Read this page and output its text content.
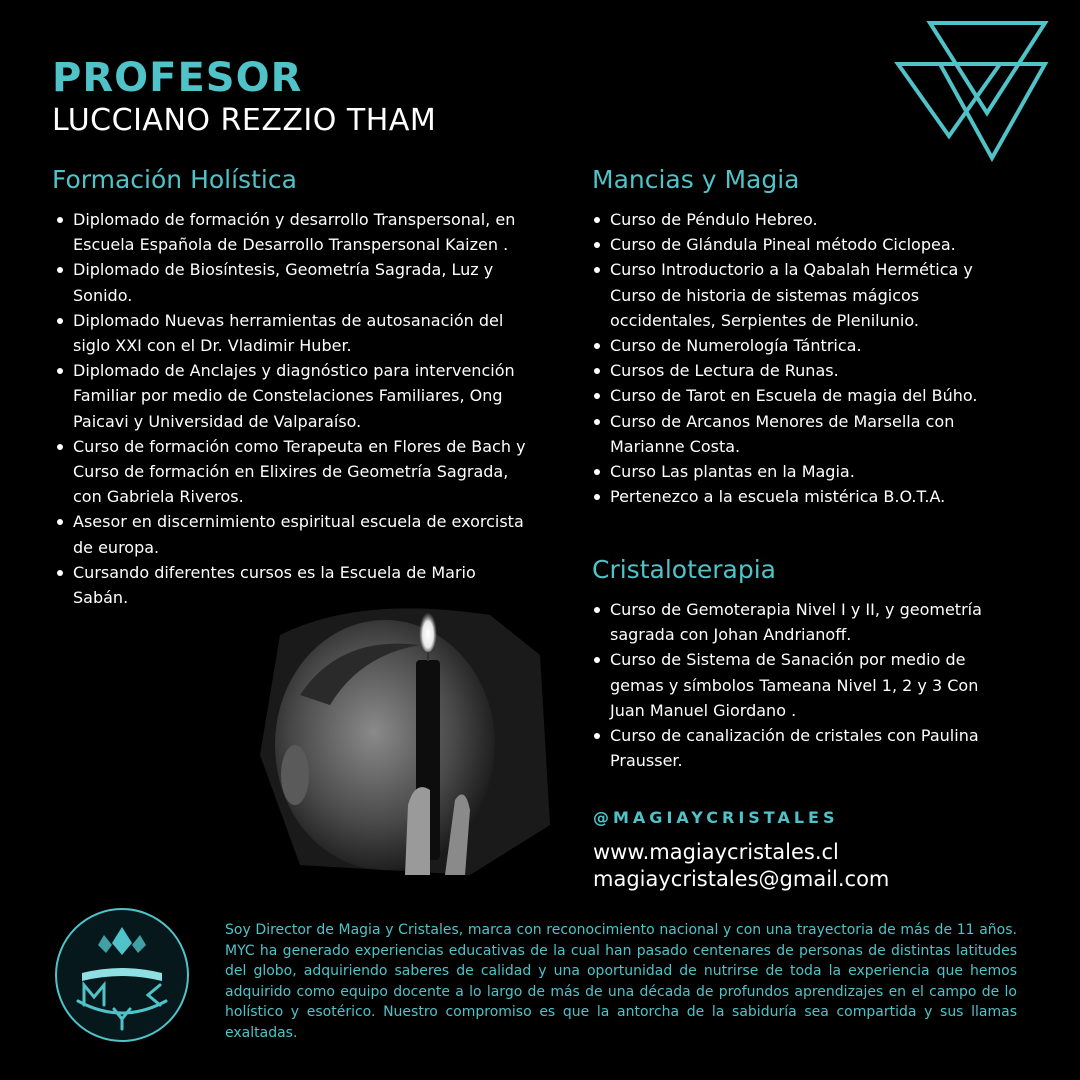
PROFESOR
LUCCIANO REZZIO THAM
Formación Holística
Diplomado de formación y desarrollo Transpersonal, en Escuela Española de Desarrollo Transpersonal Kaizen .
Diplomado de Biosíntesis, Geometría Sagrada, Luz y Sonido.
Diplomado Nuevas herramientas de autosanación del siglo XXI con el Dr. Vladimir Huber.
Diplomado de Anclajes y diagnóstico para intervención Familiar por medio de Constelaciones Familiares, Ong Paicavi y Universidad de Valparaíso.
Curso de formación como Terapeuta en Flores de Bach y Curso de formación en Elixires de Geometría Sagrada, con Gabriela Riveros.
Asesor en discernimiento espiritual escuela de exorcista de europa.
Cursando diferentes cursos es la Escuela de Mario Sabán.
Mancias y Magia
Curso de Péndulo Hebreo.
Curso de Glándula Pineal método Ciclopea.
Curso Introductorio a la Qabalah Hermética y Curso de historia de sistemas mágicos occidentales, Serpientes de Plenilunio.
Curso de Numerología Tántrica.
Cursos de Lectura de Runas.
Curso de Tarot en Escuela de magia del Búho.
Curso de Arcanos Menores de Marsella con Marianne Costa.
Curso Las plantas en la Magia.
Pertenezco a la escuela mistérica B.O.T.A.
Cristaloterapia
Curso de Gemoterapia Nivel I y II, y geometría sagrada con Johan Andrianoff.
Curso de Sistema de Sanación por medio de gemas y símbolos Tameana Nivel 1, 2 y 3 Con Juan Manuel Giordano .
Curso de canalización de cristales con Paulina Prausser.
@MAGIAYCRISTALES
www.magiaycristales.cl
magiaycristales@gmail.com

Soy Director de Magia y Cristales, marca con reconocimiento nacional y con una trayectoria de más de 11 años. MYC ha generado experiencias educativas de la cual han pasado centenares de personas de distintas latitudes del globo, adquiriendo saberes de calidad y una oportunidad de nutrirse de toda la experiencia que hemos adquirido como equipo docente a lo largo de más de una década de profundos aprendizajes en el campo de lo holístico y esotérico. Nuestro compromiso es que la antorcha de la sabiduría sea compartida y sus llamas exaltadas.
